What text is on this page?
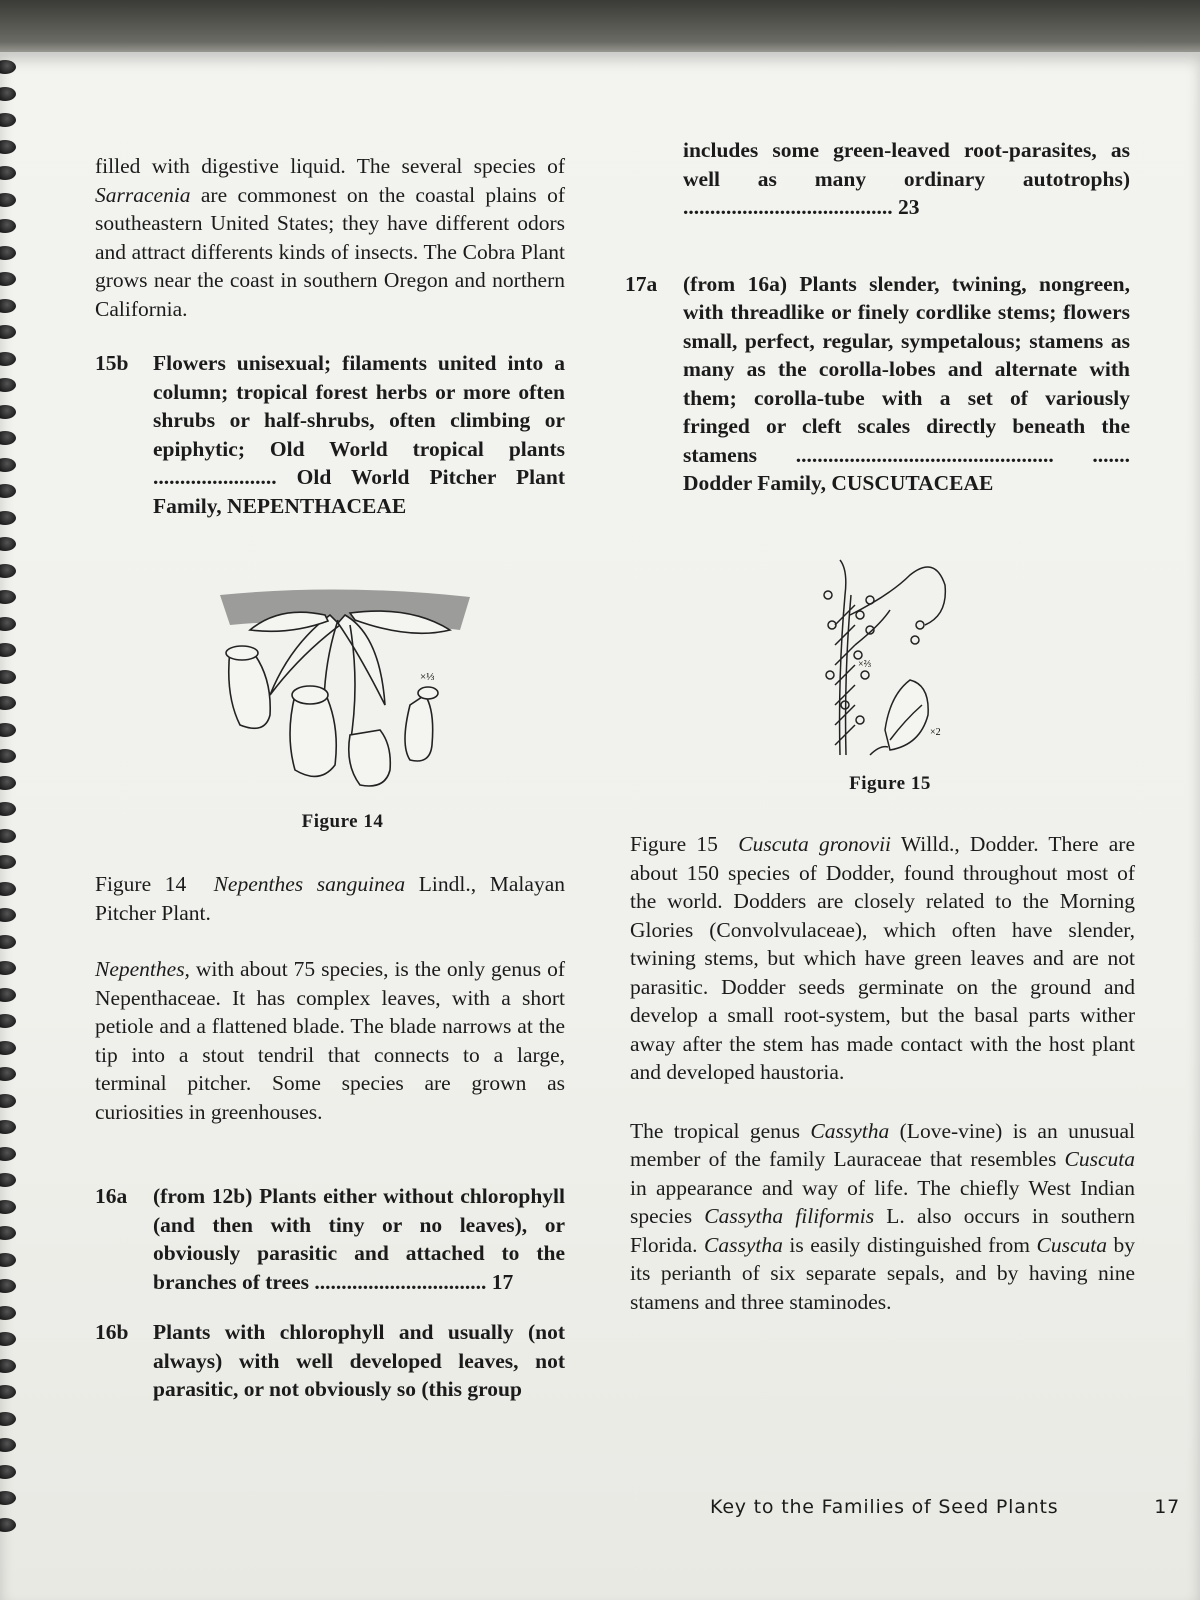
filled with digestive liquid. The several species of Sarracenia are commonest on the coastal plains of southeastern United States; they have different odors and attract differents kinds of insects. The Cobra Plant grows near the coast in southern Oregon and northern California.

15b	Flowers unisexual; filaments united into a column; tropical forest herbs or more often shrubs or half-shrubs, often climbing or epiphytic; Old World tropical plants ....................... Old World Pitcher Plant Family, NEPENTHACEAE
×⅓
Figure 14

Figure 14 Nepenthes sanguinea Lindl., Malayan Pitcher Plant.

Nepenthes, with about 75 species, is the only genus of Nepenthaceae. It has complex leaves, with a short petiole and a flattened blade. The blade narrows at the tip into a stout tendril that connects to a large, terminal pitcher. Some species are grown as curiosities in greenhouses.

16a	(from 12b) Plants either without chlorophyll (and then with tiny or no leaves), or obviously parasitic and attached to the branches of trees ................................ 17
16b	Plants with chlorophyll and usually (not always) with well developed leaves, not parasitic, or not obviously so (this group
includes some green-leaved root-parasites, as well as many ordinary autotrophs) ....................................... 23
17a	(from 16a) Plants slender, twining, nongreen, with threadlike or finely cordlike stems; flowers small, perfect, regular, sympetalous; stamens as many as the corolla-lobes and alternate with them; corolla-tube with a set of variously fringed or cleft scales directly beneath the stamens ................................................ ....... Dodder Family, CUSCUTACEAE
×⅔
×2
Figure 15

Figure 15 Cuscuta gronovii Willd., Dodder. There are about 150 species of Dodder, found throughout most of the world. Dodders are closely related to the Morning Glories (Convolvulaceae), which often have slender, twining stems, but which have green leaves and are not parasitic. Dodder seeds germinate on the ground and develop a small root-system, but the basal parts wither away after the stem has made contact with the host plant and developed haustoria.

The tropical genus Cassytha (Love-vine) is an unusual member of the family Lauraceae that resembles Cuscuta in appearance and way of life. The chiefly West Indian species Cassytha filiformis L. also occurs in southern Florida. Cassytha is easily distinguished from Cuscuta by its perianth of six separate sepals, and by having nine stamens and three staminodes.

Key to the Families of Seed Plants	17
